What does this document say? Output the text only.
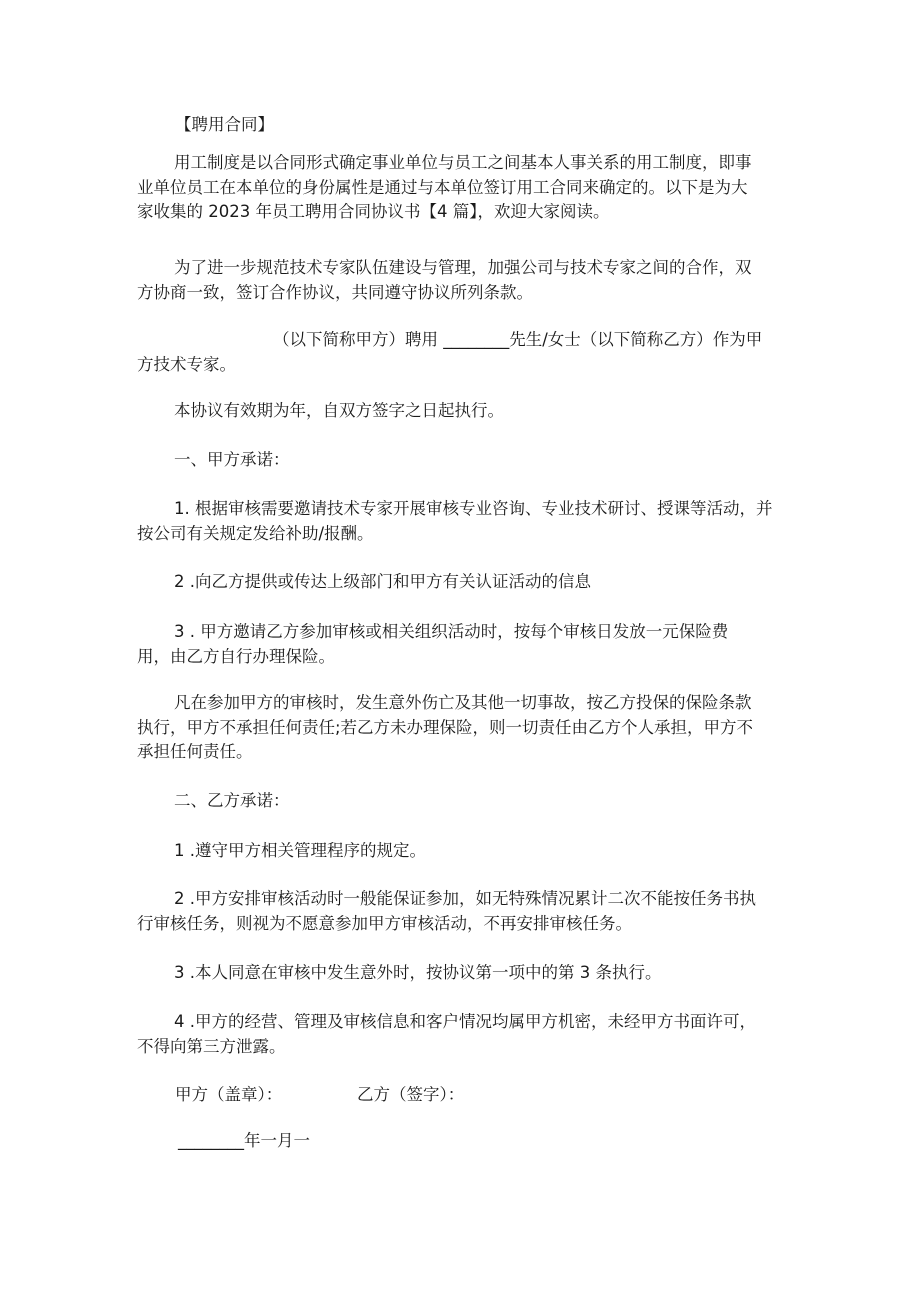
【聘用合同】

用工制度是以合同形式确定事业单位与员工之间基本人事关系的用工制度，即事
业单位员工在本单位的身份属性是通过与本单位签订用工合同来确定的。以下是为大
家收集的 2023 年员工聘用合同协议书【4 篇】，欢迎大家阅读。

为了进一步规范技术专家队伍建设与管理，加强公司与技术专家之间的合作，双
方协商一致，签订合作协议，共同遵守协议所列条款。

（以下简称甲方）聘用 ________先生/女士（以下简称乙方）作为甲
方技术专家。

本协议有效期为年，自双方签字之日起执行。

一、甲方承诺：

1. 根据审核需要邀请技术专家开展审核专业咨询、专业技术研讨、授课等活动，并
按公司有关规定发给补助/报酬。

2 .向乙方提供或传达上级部门和甲方有关认证活动的信息

3 . 甲方邀请乙方参加审核或相关组织活动时，按每个审核日发放一元保险费
用，由乙方自行办理保险。

凡在参加甲方的审核时，发生意外伤亡及其他一切事故，按乙方投保的保险条款
执行，甲方不承担任何责任;若乙方未办理保险，则一切责任由乙方个人承担，甲方不
承担任何责任。

二、乙方承诺：

1 .遵守甲方相关管理程序的规定。

2 .甲方安排审核活动时一般能保证参加，如无特殊情况累计二次不能按任务书执
行审核任务，则视为不愿意参加甲方审核活动，不再安排审核任务。

3 .本人同意在审核中发生意外时，按协议第一项中的第 3 条执行。

4 .甲方的经营、管理及审核信息和客户情况均属甲方机密，未经甲方书面许可，
不得向第三方泄露。

甲方（盖章）：	乙方（签字）：
________年一月一
